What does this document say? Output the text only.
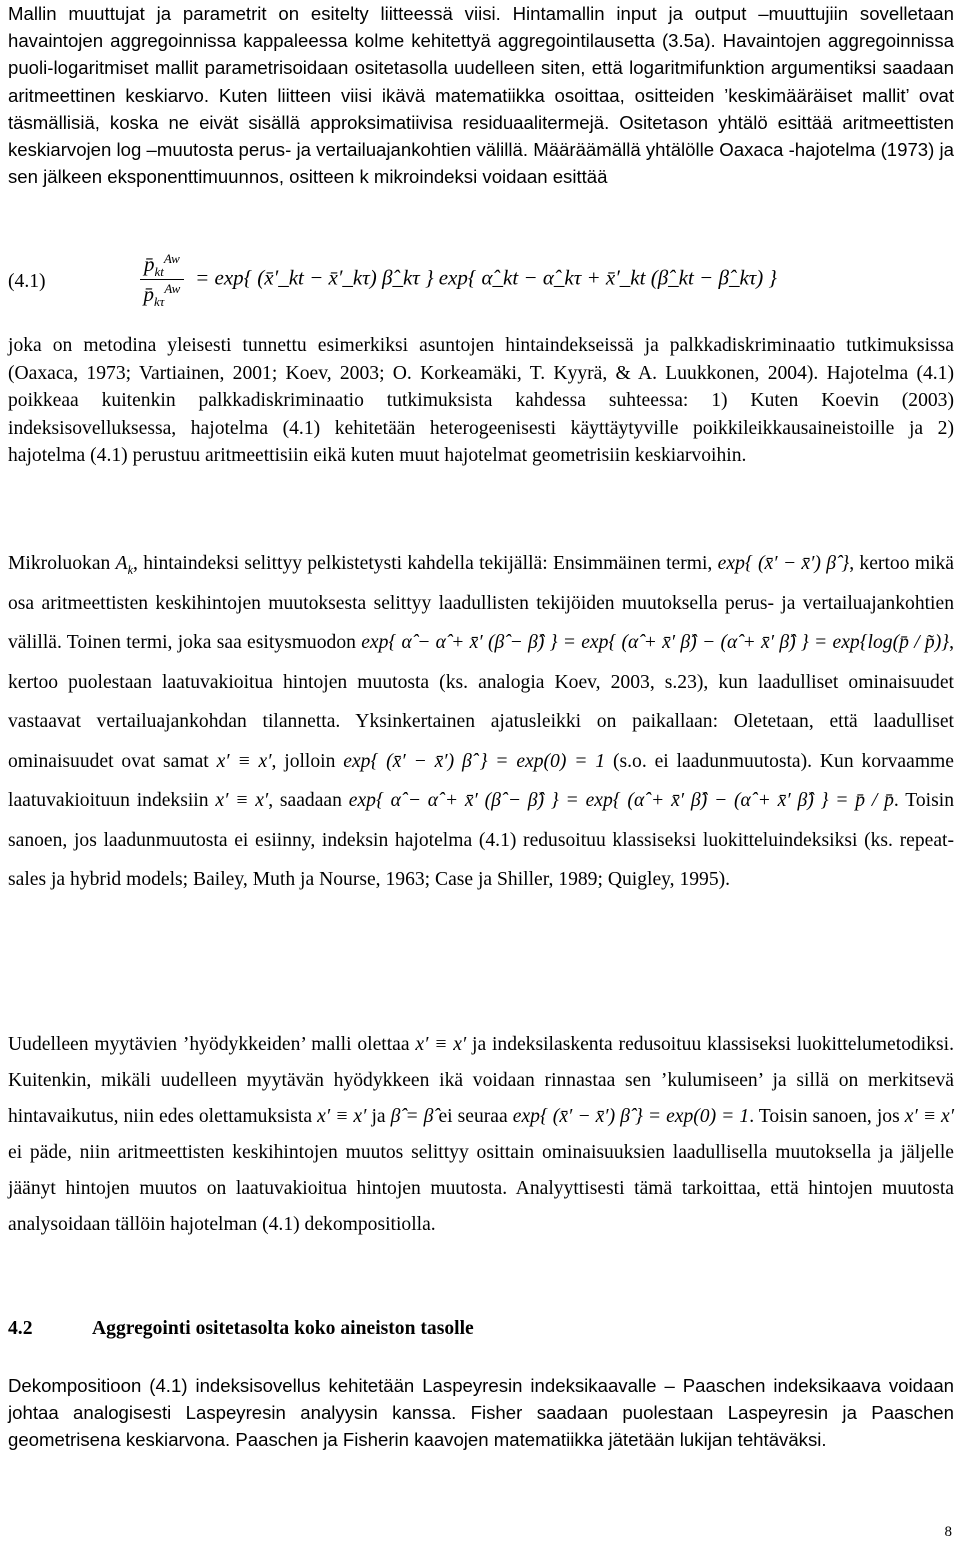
Mallin muuttujat ja parametrit on esitelty liitteessä viisi. Hintamallin input ja output –muuttujiin sovelletaan havaintojen aggregoinnissa kappaleessa kolme kehitettyä aggregointilausetta (3.5a). Havaintojen aggregoinnissa puoli-logaritmiset mallit parametrisoidaan ositetasolla uudelleen siten, että logaritmifunktion argumentiksi saadaan aritmeettinen keskiarvo. Kuten liitteen viisi ikävä matematiikka osoittaa, ositteiden ’keskimääräiset mallit’ ovat täsmällisiä, koska ne eivät sisällä approksimatiivisa residuaalitermejä. Ositetason yhtälö esittää aritmeettisten keskiarvojen log –muutosta perus- ja vertailuajankohtien välillä. Määräämällä yhtälölle Oaxaca -hajotelma (1973) ja sen jälkeen eksponenttimuunnos, ositteen k mikroindeksi voidaan esittää

(4.1)	$\frac{p̄_{kt}^{Aw}}{p̄_{k\tau}^{Aw}} = \exp${ (x̄′_kt − x̄′_kτ) β̂_kτ } exp{ α̂_kt − α̂_kτ + x̄′_kt (β̂_kt − β̂_kτ) }

joka on metodina yleisesti tunnettu esimerkiksi asuntojen hintaindekseissä ja palkkadiskriminaatio tutkimuksissa (Oaxaca, 1973; Vartiainen, 2001; Koev, 2003; O. Korkeamäki, T. Kyyrä, & A. Luukkonen, 2004). Hajotelma (4.1) poikkeaa kuitenkin palkkadiskriminaatio tutkimuksista kahdessa suhteessa: 1) Kuten Koevin (2003) indeksisovelluksessa, hajotelma (4.1) kehitetään heterogeenisesti käyttäytyville poikkileikkausaineistoille ja 2) hajotelma (4.1) perustuu aritmeettisiin eikä kuten muut hajotelmat geometrisiin keskiarvoihin.

Mikroluokan $A_k$, hintaindeksi selittyy pelkistetysti kahdella tekijällä: Ensimmäinen termi, exp{ (x̄′ − x̄′) β̂ }, kertoo mikä osa aritmeettisten keskihintojen muutoksesta selittyy laadullisten tekijöiden muutoksella perus- ja vertailuajankohtien välillä. Toinen termi, joka saa esitysmuodon exp{ α̂ − α̂ + x̄′ (β̂ − β̂) } = exp{ (α̂ + x̄′ β̂) − (α̂ + x̄′ β̂) } = exp{log(p̄ / p̃)}, kertoo puolestaan laatuvakioitua hintojen muutosta (ks. analogia Koev, 2003, s.23), kun laadulliset ominaisuudet vastaavat vertailuajankohdan tilannetta. Yksinkertainen ajatusleikki on paikallaan: Oletetaan, että laadulliset ominaisuudet ovat samat x′ ≡ x′, jolloin exp{ (x̄′ − x̄′) β̂ } = exp(0) = 1 (s.o. ei laadunmuutosta). Kun korvaamme laatuvakioituun indeksiin x′ ≡ x′, saadaan exp{ α̂ − α̂ + x̄′ (β̂ − β̂) } = exp{ (α̂ + x̄′ β̂) − (α̂ + x̄′ β̂) } = p̄ / p̄. Toisin sanoen, jos laadunmuutosta ei esiinny, indeksin hajotelma (4.1) redusoituu klassiseksi luokitteluindeksiksi (ks. repeat-sales ja hybrid models; Bailey, Muth ja Nourse, 1963; Case ja Shiller, 1989; Quigley, 1995).

Uudelleen myytävien ’hyödykkeiden’ malli olettaa x′ ≡ x′ ja indeksilaskenta redusoituu klassiseksi luokittelumetodiksi. Kuitenkin, mikäli uudelleen myytävän hyödykkeen ikä voidaan rinnastaa sen ’kulumiseen’ ja sillä on merkitsevä hintavaikutus, niin edes olettamuksista x′ ≡ x′ ja β̂ = β̂ ei seuraa exp{ (x̄′ − x̄′) β̂ } = exp(0) = 1. Toisin sanoen, jos x′ ≡ x′ ei päde, niin aritmeettisten keskihintojen muutos selittyy osittain ominaisuuksien laadullisella muutoksella ja jäljelle jäänyt hintojen muutos on laatuvakioitua hintojen muutosta. Analyyttisesti tämä tarkoittaa, että hintojen muutosta analysoidaan tällöin hajotelman (4.1) dekompositiolla.

4.2	Aggregointi ositetasolta koko aineiston tasolle

Dekompositioon (4.1) indeksisovellus kehitetään Laspeyresin indeksikaavalle – Paaschen indeksikaava voidaan johtaa analogisesti Laspeyresin analyysin kanssa. Fisher saadaan puolestaan Laspeyresin ja Paaschen geometrisena keskiarvona. Paaschen ja Fisherin kaavojen matematiikka jätetään lukijan tehtäväksi.

8
